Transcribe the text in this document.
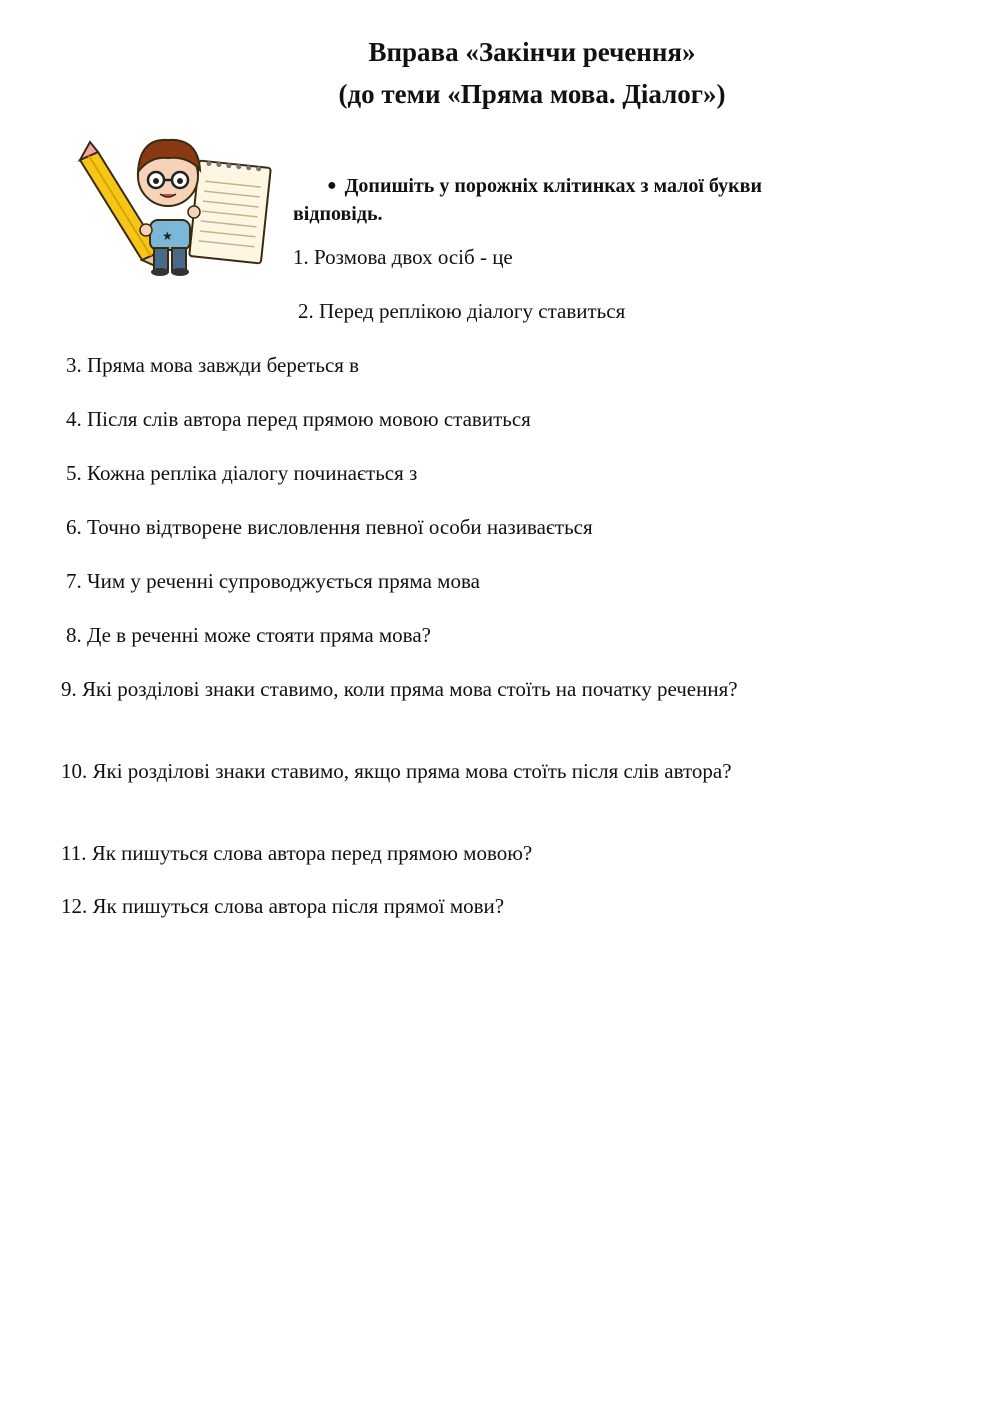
Вправа «Закінчи речення»
(до теми «Пряма мова. Діалог»)
★
● Допишіть у порожніх клітинках з малої букви
відповідь.
1. Розмова двох осіб - це
2. Перед реплікою діалогу ставиться
3. Пряма мова завжди береться в
4. Після слів автора перед прямою мовою ставиться
5. Кожна репліка діалогу починається з
6. Точно відтворене висловлення певної особи називається
7. Чим у реченні супроводжується пряма мова
8. Де в реченні може стояти пряма мова?
9. Які розділові знаки ставимо, коли пряма мова стоїть на початку речення?
10. Які розділові знаки ставимо, якщо пряма мова стоїть після слів автора?
11. Як пишуться слова автора перед прямою мовою?
12. Як пишуться слова автора після прямої мови?
